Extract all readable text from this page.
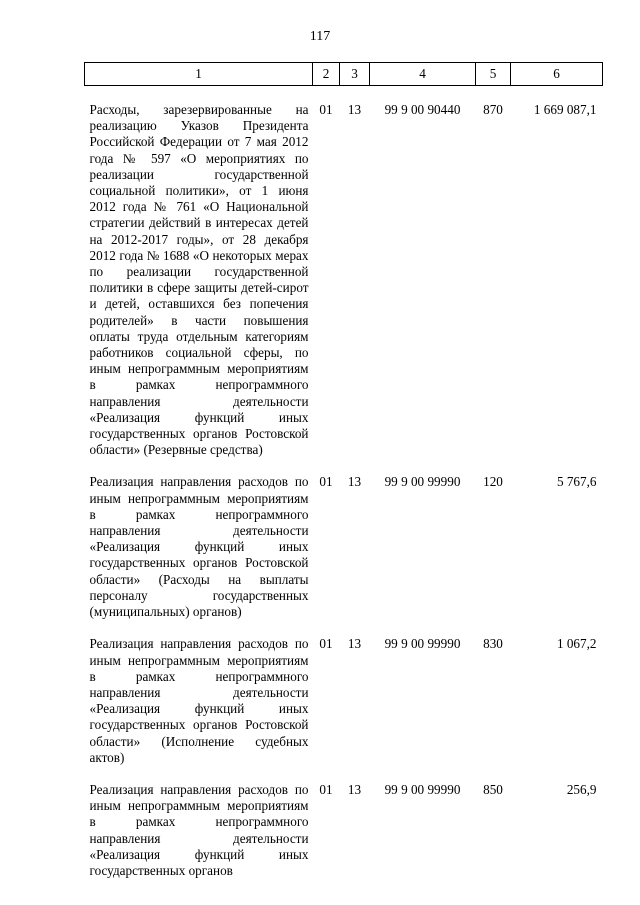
117
1	2	3	4	5	6

Расходы, зарезервированные на реализацию Указов Президента Российской Федерации от 7 мая 2012 года № 597 «О мероприятиях по реализации государственной социальной политики», от 1 июня 2012 года № 761 «О Национальной стратегии действий в интересах детей на 2012-2017 годы», от 28 декабря 2012 года № 1688 «О некоторых мерах по реализации государственной политики в сфере защиты детей-сирот и детей, оставшихся без попечения родителей» в части повышения оплаты труда отдельным категориям работников социальной сферы, по иным непрограммным мероприятиям в рамках непрограммного направления деятельности «Реализация функций иных государственных органов Ростовской области» (Резервные средства)	01	13	99 9 00 90440	870	1 669 087,1

Реализация направления расходов по иным непрограммным мероприятиям в рамках непрограммного направления деятельности «Реализация функций иных государственных органов Ростовской области» (Расходы на выплаты персоналу государственных (муниципальных) органов)	01	13	99 9 00 99990	120	5 767,6

Реализация направления расходов по иным непрограммным мероприятиям в рамках непрограммного направления деятельности «Реализация функций иных государственных органов Ростовской области» (Исполнение судебных актов)	01	13	99 9 00 99990	830	1 067,2

Реализация направления расходов по иным непрограммным мероприятиям в рамках непрограммного направления деятельности «Реализация функций иных государственных органов	01	13	99 9 00 99990	850	256,9
